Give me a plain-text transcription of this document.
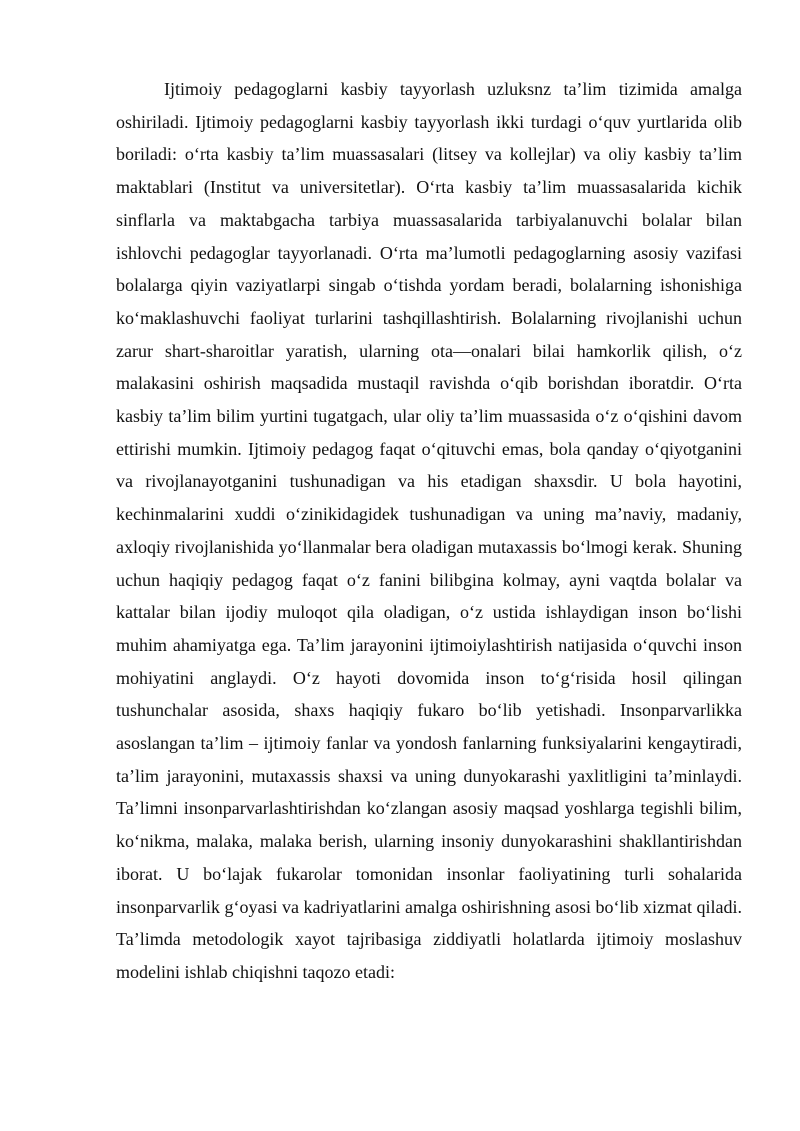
Ijtimoiy pedagoglarni kasbiy tayyorlash uzluksnz ta’lim tizimida amalga oshiriladi. Ijtimoiy pedagoglarni kasbiy tayyorlash ikki turdagi o‘quv yurtlarida olib boriladi: o‘rta kasbiy ta’lim muassasalari (litsey va kollejlar) va oliy kasbiy ta’lim maktablari (Institut va universitetlar). O‘rta kasbiy ta’lim muassasalarida kichik sinflarla va maktabgacha tarbiya muassasalarida tarbiyalanuvchi bolalar bilan ishlovchi pedagoglar tayyorlanadi. O‘rta ma’lumotli pedagoglarning asosiy vazifasi bolalarga qiyin vaziyatlarpi singab o‘tishda yordam beradi, bolalarning ishonishiga ko‘maklashuvchi faoliyat turlarini tashqillashtirish. Bolalarning rivojlanishi uchun zarur shart-sharoitlar yaratish, ularning ota—onalari bilai hamkorlik qilish, o‘z malakasini oshirish maqsadida mustaqil ravishda o‘qib borishdan iboratdir. O‘rta kasbiy ta’lim bilim yurtini tugatgach, ular oliy ta’lim muassasida o‘z o‘qishini davom ettirishi mumkin. Ijtimoiy pedagog faqat o‘qituvchi emas, bola qanday o‘qiyotganini va rivojlanayotganini tushunadigan va his etadigan shaxsdir. U bola hayotini, kechinmalarini xuddi o‘zinikidagidek tushunadigan va uning ma’naviy, madaniy, axloqiy rivojlanishida yo‘llanmalar bera oladigan mutaxassis bo‘lmogi kerak. Shuning uchun haqiqiy pedagog faqat o‘z fanini bilibgina kolmay, ayni vaqtda bolalar va kattalar bilan ijodiy muloqot qila oladigan, o‘z ustida ishlaydigan inson bo‘lishi muhim ahamiyatga ega. Ta’lim jarayonini ijtimoiylashtirish natijasida o‘quvchi inson mohiyatini anglaydi. O‘z hayoti dovomida inson to‘g‘risida hosil qilingan tushunchalar asosida, shaxs haqiqiy fukaro bo‘lib yetishadi. Insonparvarlikka asoslangan ta’lim – ijtimoiy fanlar va yondosh fanlarning funksiyalarini kengaytiradi, ta’lim jarayonini, mutaxassis shaxsi va uning dunyokarashi yaxlitligini ta’minlaydi. Ta’limni insonparvarlashtirishdan ko‘zlangan asosiy maqsad yoshlarga tegishli bilim, ko‘nikma, malaka, malaka berish, ularning insoniy dunyokarashini shakllantirishdan iborat. U bo‘lajak fukarolar tomonidan insonlar faoliyatining turli sohalarida insonparvarlik g‘oyasi va kadriyatlarini amalga oshirishning asosi bo‘lib xizmat qiladi. Ta’limda metodologik xayot tajribasiga ziddiyatli holatlarda ijtimoiy moslashuv modelini ishlab chiqishni taqozo etadi:
